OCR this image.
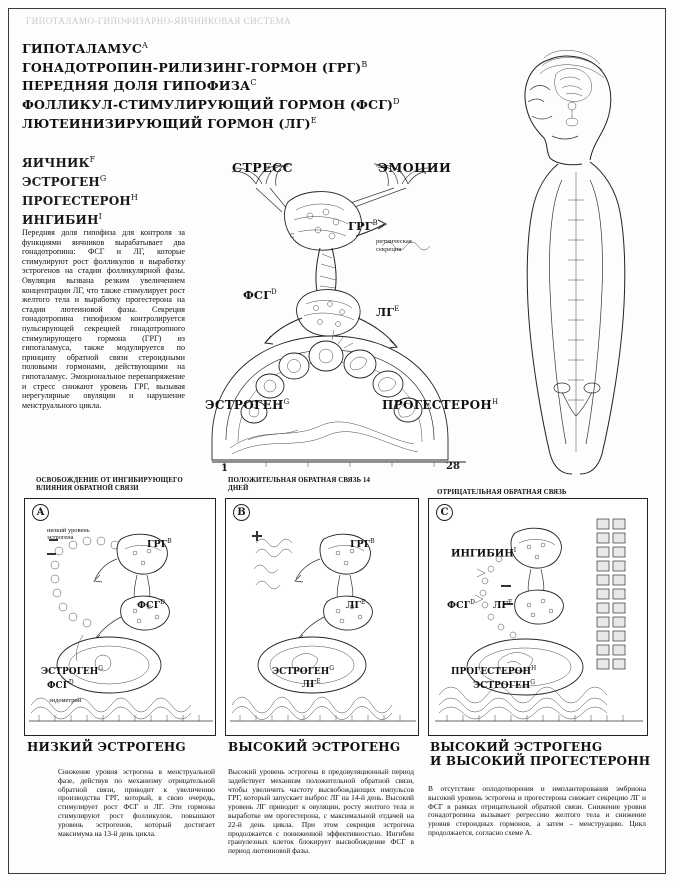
ГИПОТАЛАМО-ГИПОФИЗАРНО-ЯИЧНИКОВАЯ СИСТЕМА
$ГИПОТАЛАМУС^A$
ГОНАДОТРОПИН-РИЛИЗИНГ-ГОРМОН (ГРГ)$^B$
ПЕРЕДНЯЯ ДОЛЯ $ГИПОФИЗА^C$
ФОЛЛИКУЛ-СТИМУЛИРУЮЩИЙ ГОРМОН (ФСГ)$^D$
ЛЮТЕИНИЗИРУЮЩИЙ ГОРМОН (ЛГ)$^E$
$ЯИЧНИК^F$
$ЭСТРОГЕН^G$
$ПРОГЕСТЕРОН^H$
$ИНГИБИН^I$
Передняя доля гипофиза для контроля за функциями яичников вырабатывает два гонадотропина: ФСГ и ЛГ, которые стимулируют рост фолликулов и выработку эстрогенов на стадии фолликулярной фазы. Овуляция вызвана резким увеличением концентрации ЛГ, что также стимулирует рост желтого тела и выработку прогестерона на стадии лютеиновой фазы. Секреция гонадотропина гипофизом контролируется пульсирующей секрецией гонадотропного стимулирующего гормона (ГРГ) из гипоталамуса, также модулируется по принципу обратной связи стероидными половыми гормонами, действующими на гипоталамус. Эмоциональное перенапряжение и стресс снижают уровень ГРГ, вызывая нерегулярные овуляции и нарушение менструального цикла.
C
СТРЕСС	ЭМОЦИИ
$ГРГ^B$
$ФСГ^D$
$ЛГ^E$
$ЭСТРОГЕН^G$	$ПРОГЕСТЕРОН^H$
ритмическая секреция
1	28
ОСВОБОЖДЕНИЕ ОТ ИНГИБИРУЮЩЕГО ВЛИЯНИЯ ОБРАТНОЙ СВЯЗИ
ПОЛОЖИТЕЛЬНАЯ ОБРАТНАЯ СВЯЗЬ 14 ДНЕЙ
ОТРИЦАТЕЛЬНАЯ ОБРАТНАЯ СВЯЗЬ
A
низкий уровень эстрогена
$ГРГ^B$
$ФСГ^D$
$ЭСТРОГЕН^G$
$ФСГ^D$
эндометрий
B
$ГРГ^B$
$ЛГ^E$
$ЭСТРОГЕН^G$
$ЛГ^E$
C
$ИНГИБИН^I$
$ФСГ^D$ $ЛГ^E$
$ПРОГЕСТЕРОН^H$
$ЭСТРОГЕН^G$
НИЗКИЙ ЭСТРОГЕНG	ВЫСОКИЙ ЭСТРОГЕНG ВЫСОКИЙ ЭСТРОГЕНG
И ВЫСОКИЙ ПРОГЕСТЕРОНH
Снижение уровня эстрогена в менструальной фазе, действуя по механизму отрицательной обратной связи, приводит к увеличению производства ГРГ, который, в свою очередь, стимулирует рост ФСГ и ЛГ. Эти гормоны стимулируют рост фолликулов, повышают уровень эстрогенов, который достигает максимума на 13-й день цикла.
Высокий уровень эстрогена в предовуляционный период задействует механизм положительной обратной связи, чтобы увеличить частоту высвобождающих импульсов ГРГ, который запускает выброс ЛГ на 14-й день. Высокий уровень ЛГ приводит к овуляции, росту желтого тела и выработке им прогестерона, с максимальной отдачей на 22-й день цикла. При этом секреция эстрогена продолжается с пониженной эффективностью. Ингибин гранулезных клеток блокирует высвобождение ФСГ в период лютеиновой фазы.
В отсутствие оплодотворения и имплантирования эмбриона высокий уровень эстрогена и прогестерона снижает секрецию ЛГ и ФСГ в рамках отрицательной обратной связи. Снижение уровня гонадотропина вызывает регрессию желтого тела и снижение уровня стероидных гормонов, а затем – менструацию. Цикл продолжается, согласно схеме A.
